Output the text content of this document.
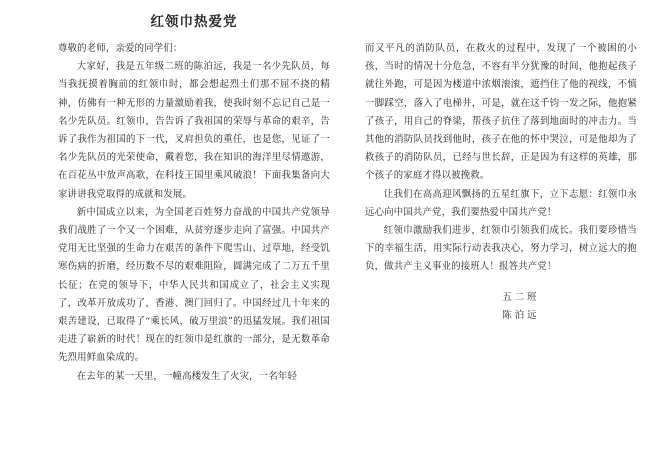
红领巾热爱党

尊敬的老师，亲爱的同学们：

大家好，我是五年级二班的陈泊远，我是一名少先队员，每当我抚摸着胸前的红领巾时，都会想起烈士们那不屈不挠的精神，仿佛有一种无形的力量激励着我，使我时刻不忘记自己是一名少先队员。红领巾，告告诉了我祖国的荣辱与革命的艰辛，告诉了我作为祖国的下一代，叉肩担负的重任，也是您，见证了一名少先队员的光荣使命，戴着您，我在知识的海洋里尽情遨游，在百花丛中放声高歌，在科技王国里乘风破浪！下面我集备向大家讲讲我党取得的成就和发展。

新中国成立以来，为全国老百姓努力奋战的中国共产党领导我们战胜了一个又一个困难，从贫穷逐步走向了富强。中国共产党用无比坚强的生命力在艰苦的条件下爬雪山、过草地，经受饥寒伤病的折磨，经历数不尽的艰难阻险，圆满完成了二万五千里长征；在党的领导下，中华人民共和国成立了，社会主义实现了，改革开放成功了，香港、澳门回归了。中国经过几十年来的艰苦建设，已取得了“乘长风，破万里浪”的迅猛发展。我们祖国走进了崭新的时代！现在的红领巾是红旗的一部分，是无数革命先烈用鲜血染成的。

在去年的某一天里，一幢高楼发生了火灾，一名年轻

而又平凡的消防队员，在救火的过程中，发现了一个被困的小孩，当时的情况十分危急，不容有半分犹豫的时间，他抱起孩子就往外跑，可是因为楼道中浓烟滚滚，遮挡住了他的视线，不慎一脚踩空，落入了电梯井，可是，就在这千钧一发之际，他抱紧了孩子，用自己的脊梁，帮孩子抗住了落到地面时的冲击力。当其他的消防队员找到他时，孩子在他的怀中哭泣，可是他却为了救孩子的消防队员，已经与世长辞，正是因为有这样的英雄，那个孩子的家庭才得以被挽救。

让我们在高高迎风飘扬的五星红旗下，立下志愿：红领巾永远心向中国共产党，我们要热爱中国共产党！

红领巾激励我们进步，红领巾引领我们成长。我们要珍惜当下的幸福生活，用实际行动表我决心，努力学习，树立远大的抱负，做共产主义事业的接班人！报答共产党！

五二班
陈泊远
